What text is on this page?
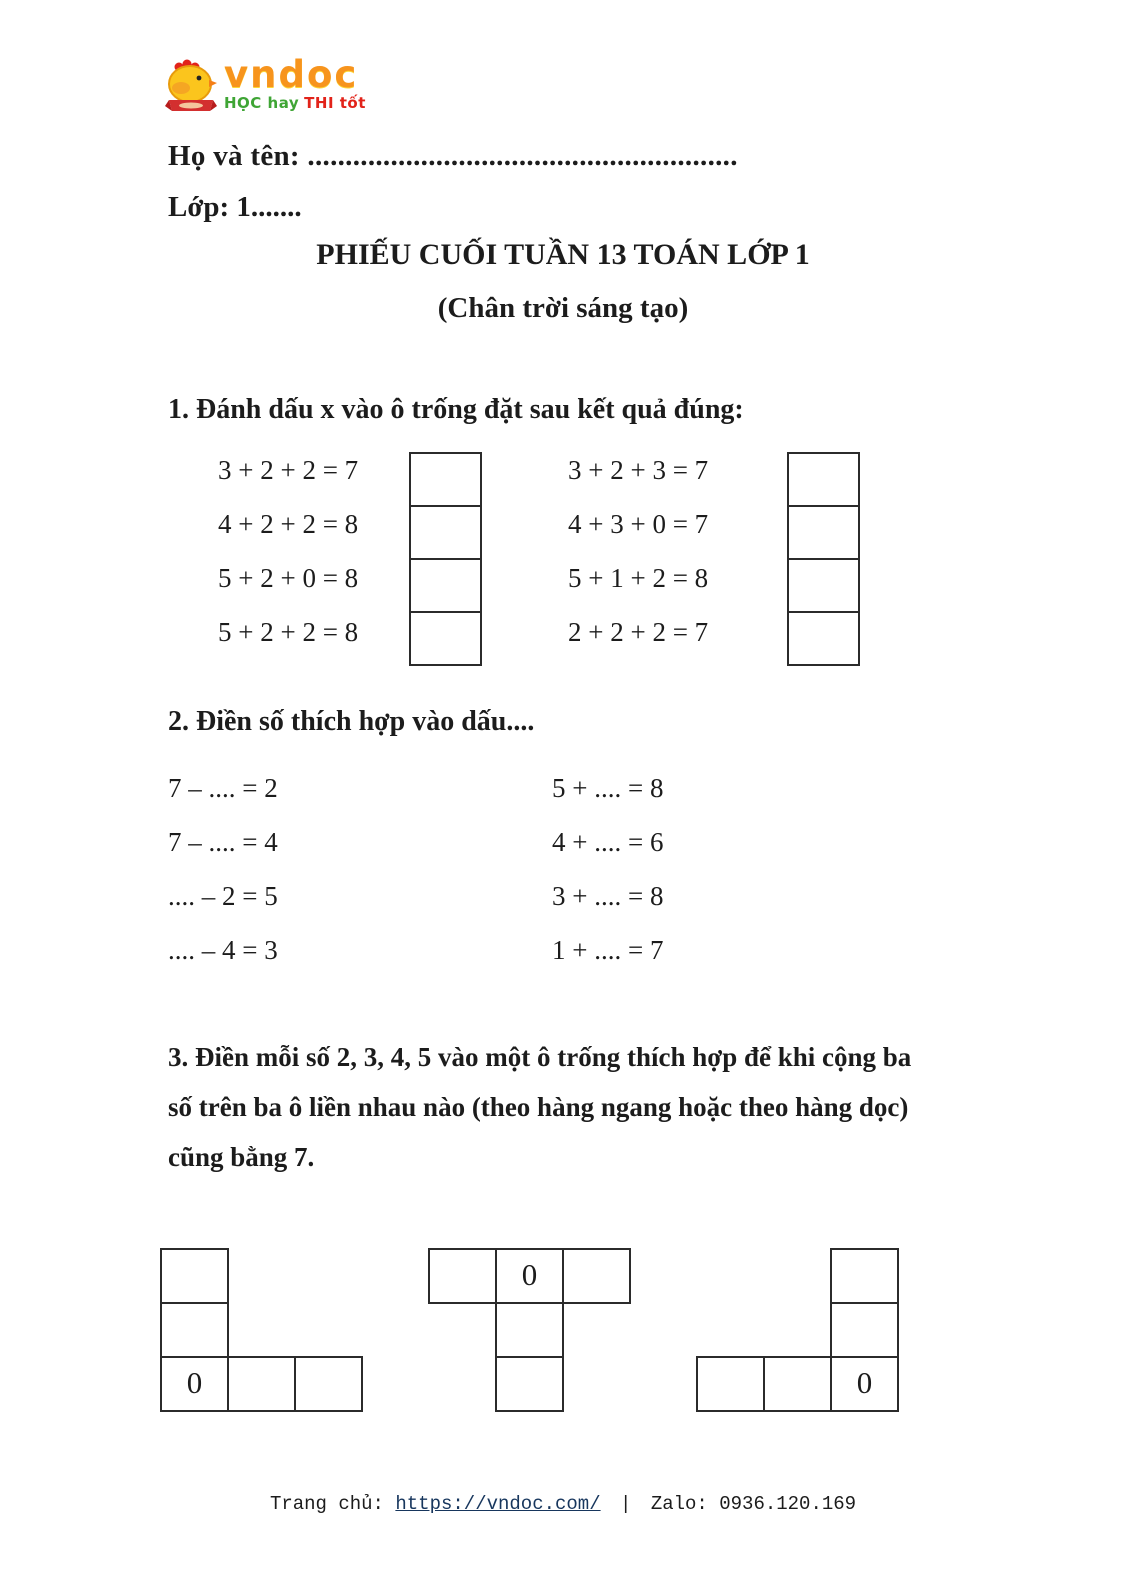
vndoc
HỌC hay THI tốt
Họ và tên: .........................................................
Lớp: 1.......
PHIẾU CUỐI TUẦN 13 TOÁN LỚP 1
(Chân trời sáng tạo)
1. Đánh dấu x vào ô trống đặt sau kết quả đúng:
3 + 2 + 2 = 7
4 + 2 + 2 = 8
5 + 2 + 0 = 8
5 + 2 + 2 = 8
3 + 2 + 3 = 7
4 + 3 + 0 = 7
5 + 1 + 2 = 8
2 + 2 + 2 = 7
2. Điền số thích hợp vào dấu....
7 – .... = 2
7 – .... = 4
.... – 2 = 5
.... – 4 = 3
5 + .... = 8
4 + .... = 6
3 + .... = 8
1 + .... = 7
3. Điền mỗi số 2, 3, 4, 5 vào một ô trống thích hợp để khi cộng ba
số trên ba ô liền nhau nào (theo hàng ngang hoặc theo hàng dọc)
cũng bằng 7.
0
0
0
Trang chủ: https://vndoc.com/ | Zalo: 0936.120.169
